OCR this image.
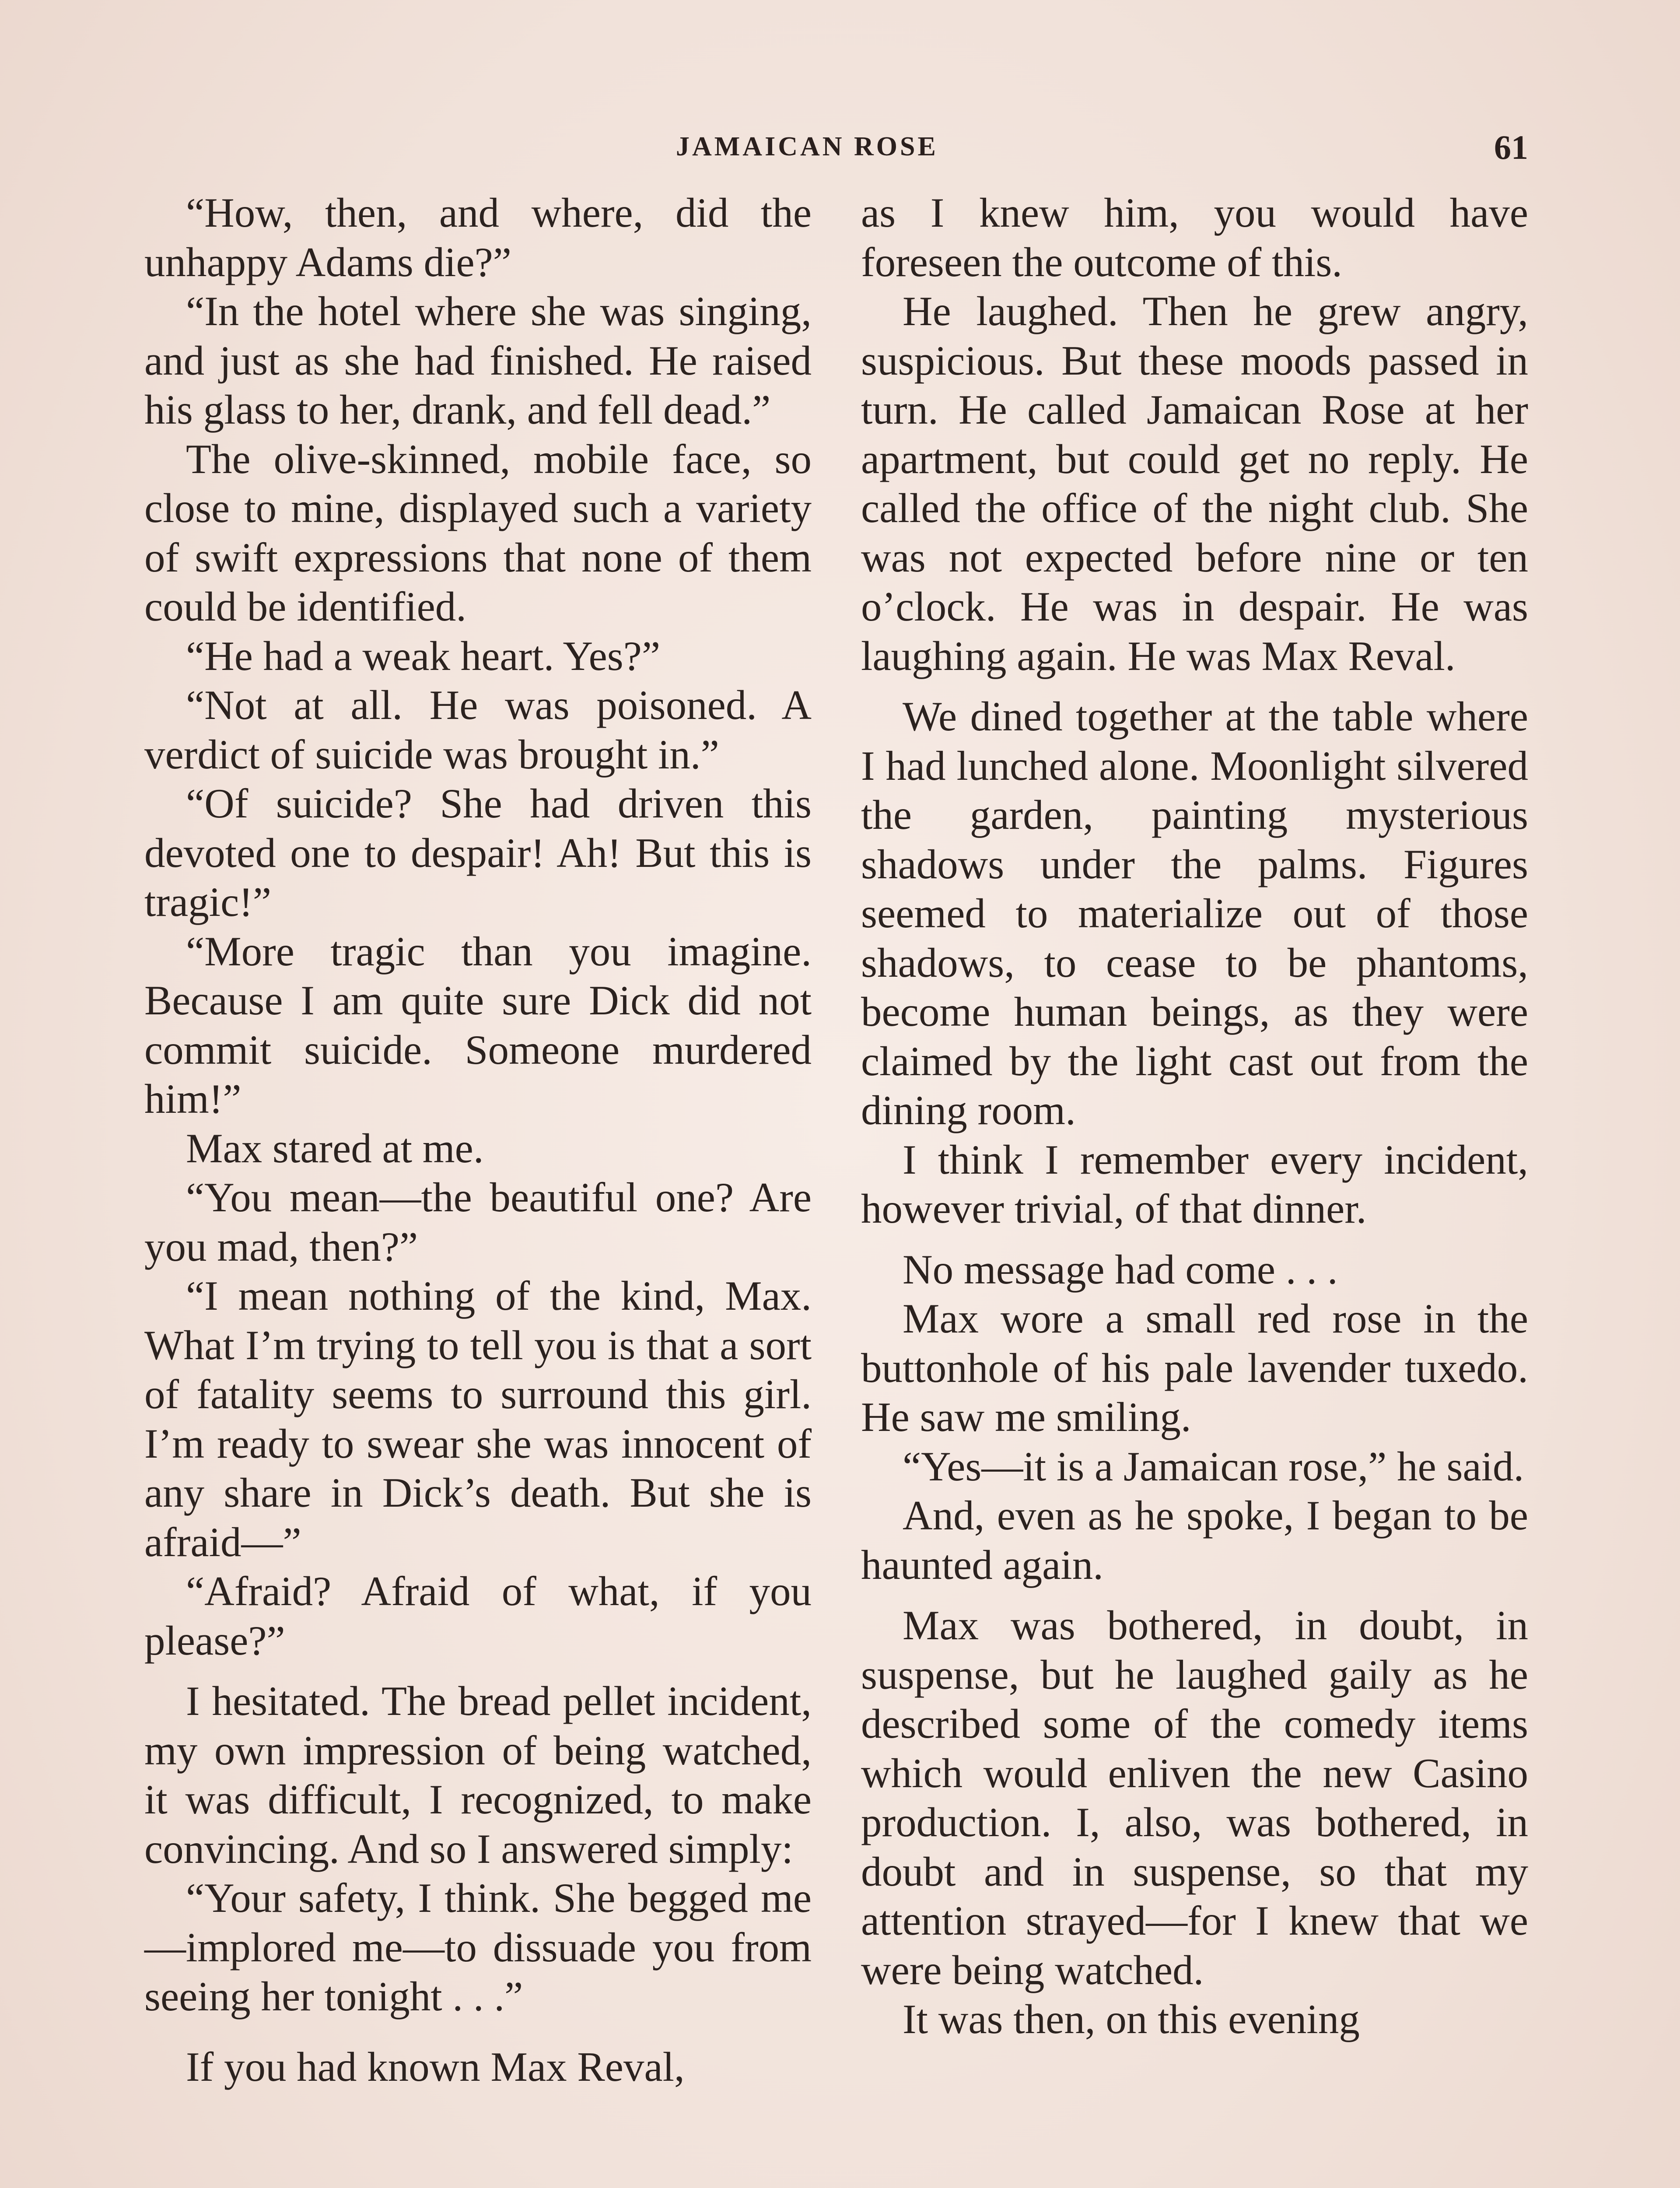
JAMAICAN ROSE	61

“How, then, and where, did the unhappy Adams die?”

“In the hotel where she was singing, and just as she had finished. He raised his glass to her, drank, and fell dead.”

The olive-skinned, mobile face, so close to mine, displayed such a variety of swift expressions that none of them could be identified.

“He had a weak heart. Yes?”

“Not at all. He was poisoned. A verdict of suicide was brought in.”

“Of suicide? She had driven this devoted one to despair! Ah! But this is tragic!”

“More tragic than you imagine. Because I am quite sure Dick did not commit suicide. Someone murdered him!”

Max stared at me.

“You mean—the beautiful one? Are you mad, then?”

“I mean nothing of the kind, Max. What I’m trying to tell you is that a sort of fatality seems to surround this girl. I’m ready to swear she was innocent of any share in Dick’s death. But she is afraid—”

“Afraid? Afraid of what, if you please?”

I hesitated. The bread pellet incident, my own impression of being watched, it was difficult, I recognized, to make convincing. And so I answered simply:

“Your safety, I think. She begged me—implored me—to dissuade you from seeing her tonight . . .”

If you had known Max Reval,

as I knew him, you would have foreseen the outcome of this.

He laughed. Then he grew angry, suspicious. But these moods passed in turn. He called Jamaican Rose at her apartment, but could get no reply. He called the office of the night club. She was not expected before nine or ten o’clock. He was in despair. He was laughing again. He was Max Reval.

We dined together at the table where I had lunched alone. Moonlight silvered the garden, painting mysterious shadows under the palms. Figures seemed to materialize out of those shadows, to cease to be phantoms, become human beings, as they were claimed by the light cast out from the dining room.

I think I remember every incident, however trivial, of that dinner.

No message had come . . .

Max wore a small red rose in the buttonhole of his pale lavender tuxedo. He saw me smiling.

“Yes—it is a Jamaican rose,” he said.

And, even as he spoke, I began to be haunted again.

Max was bothered, in doubt, in suspense, but he laughed gaily as he described some of the comedy items which would enliven the new Casino production. I, also, was bothered, in doubt and in suspense, so that my attention strayed—for I knew that we were being watched.

It was then, on this evening
